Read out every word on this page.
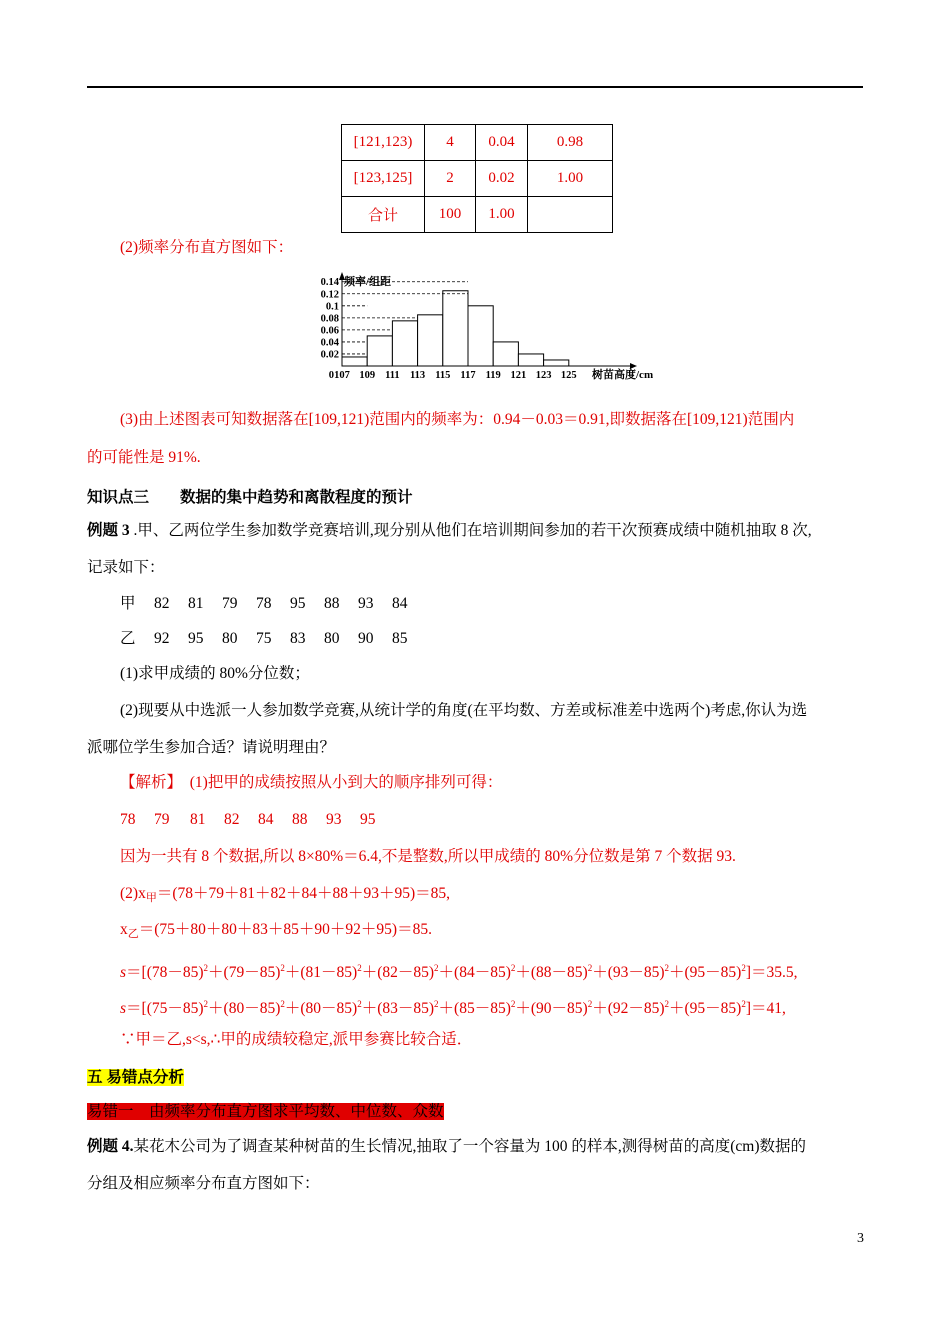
[121,123)	4	0.04	0.98
[123,125]	2	0.02	1.00
合计	100	1.00	
(2)频率分布直方图如下：
0.14
0.12
0.1
0.08
0.06
0.04
0.02
0 107 109 111 113 115 117 119 121 123 125
频率/组距
树苗高度/cm
(3)由上述图表可知数据落在[109,121)范围内的频率为：0.94－0.03＝0.91,即数据落在[109,121)范围内
的可能性是 91%.
知识点三　　数据的集中趋势和离散程度的预计
例题 3 .甲、乙两位学生参加数学竞赛培训,现分别从他们在培训期间参加的若干次预赛成绩中随机抽取 8 次,
记录如下：
甲 82 81 79 78 95 88 93 84
乙 92 95 80 75 83 80 90 85
(1)求甲成绩的 80%分位数；
(2)现要从中选派一人参加数学竞赛,从统计学的角度(在平均数、方差或标准差中选两个)考虑,你认为选
派哪位学生参加合适？请说明理由？
【解析】　(1)把甲的成绩按照从小到大的顺序排列可得：
78 79 81 82 84 88 93 95
因为一共有 8 个数据,所以 8×80%＝6.4,不是整数,所以甲成绩的 80%分位数是第 7 个数据 93.
$(2)x_甲=(78+79+81+82+84+88+93+95)=85$,
$x_乙=(75+80+80+83+85+90+92+95)=85$.
$s=[(78-85)^2+(79-85)^2+(81-85)^2+(82-85)^2+(84-85)^2+(88-85)^2+(93-85)^2+(95-85)^2]=35.5$,
$s=[(75-85)^2+(80-85)^2+(80-85)^2+(83-85)^2+(85-85)^2+(90-85)^2+(92-85)^2+(95-85)^2]=41$,
∵甲＝乙,s<s,∴甲的成绩较稳定,派甲参赛比较合适．
五 易错点分析
易错一　由频率分布直方图求平均数、中位数、众数
例题 4.某花木公司为了调查某种树苗的生长情况,抽取了一个容量为 100 的样本,测得树苗的高度(cm)数据的
分组及相应频率分布直方图如下：
3
